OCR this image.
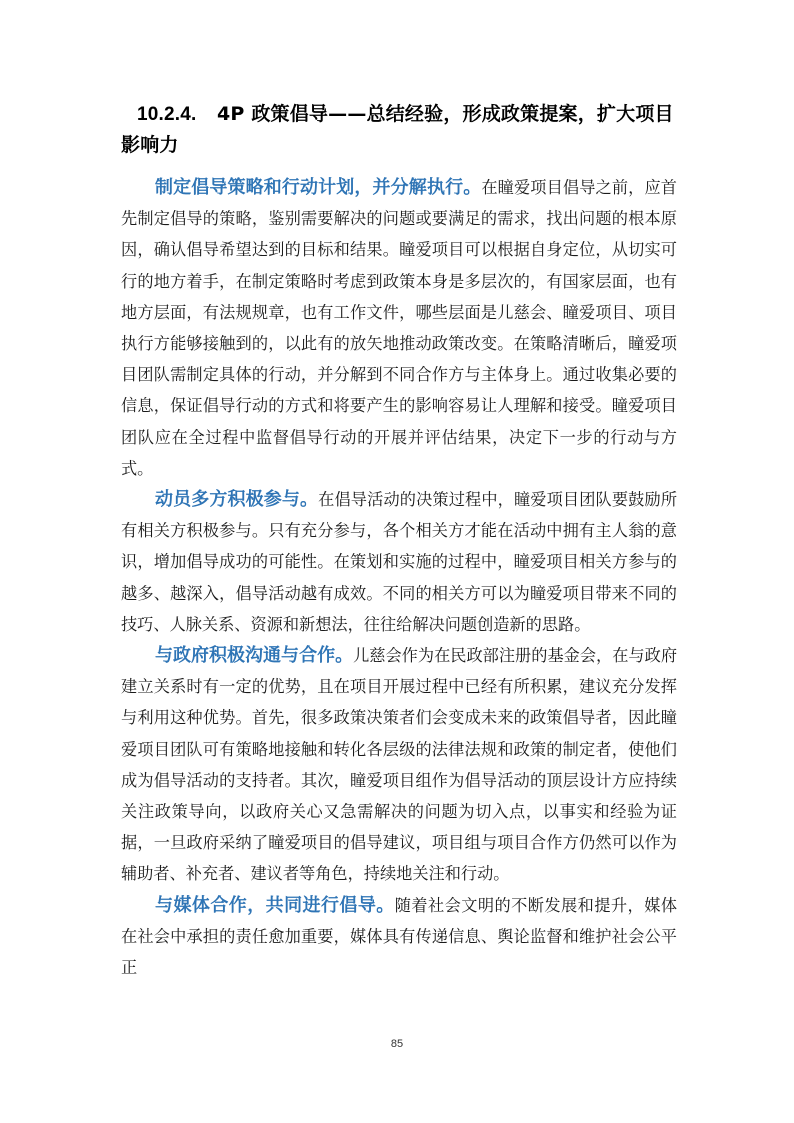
10.2.4. 4P 政策倡导——总结经验，形成政策提案，扩大项目影响力

制定倡导策略和行动计划，并分解执行。在瞳爱项目倡导之前，应首先制定倡导的策略，鉴别需要解决的问题或要满足的需求，找出问题的根本原因，确认倡导希望达到的目标和结果。瞳爱项目可以根据自身定位，从切实可行的地方着手，在制定策略时考虑到政策本身是多层次的，有国家层面，也有地方层面，有法规规章，也有工作文件，哪些层面是儿慈会、瞳爱项目、项目执行方能够接触到的，以此有的放矢地推动政策改变。在策略清晰后，瞳爱项目团队需制定具体的行动，并分解到不同合作方与主体身上。通过收集必要的信息，保证倡导行动的方式和将要产生的影响容易让人理解和接受。瞳爱项目团队应在全过程中监督倡导行动的开展并评估结果，决定下一步的行动与方式。

动员多方积极参与。在倡导活动的决策过程中，瞳爱项目团队要鼓励所有相关方积极参与。只有充分参与，各个相关方才能在活动中拥有主人翁的意识，增加倡导成功的可能性。在策划和实施的过程中，瞳爱项目相关方参与的越多、越深入，倡导活动越有成效。不同的相关方可以为瞳爱项目带来不同的技巧、人脉关系、资源和新想法，往往给解决问题创造新的思路。

与政府积极沟通与合作。儿慈会作为在民政部注册的基金会，在与政府建立关系时有一定的优势，且在项目开展过程中已经有所积累，建议充分发挥与利用这种优势。首先，很多政策决策者们会变成未来的政策倡导者，因此瞳爱项目团队可有策略地接触和转化各层级的法律法规和政策的制定者，使他们成为倡导活动的支持者。其次，瞳爱项目组作为倡导活动的顶层设计方应持续关注政策导向，以政府关心又急需解决的问题为切入点，以事实和经验为证据，一旦政府采纳了瞳爱项目的倡导建议，项目组与项目合作方仍然可以作为辅助者、补充者、建议者等角色，持续地关注和行动。

与媒体合作，共同进行倡导。随着社会文明的不断发展和提升，媒体在社会中承担的责任愈加重要，媒体具有传递信息、舆论监督和维护社会公平正

85
